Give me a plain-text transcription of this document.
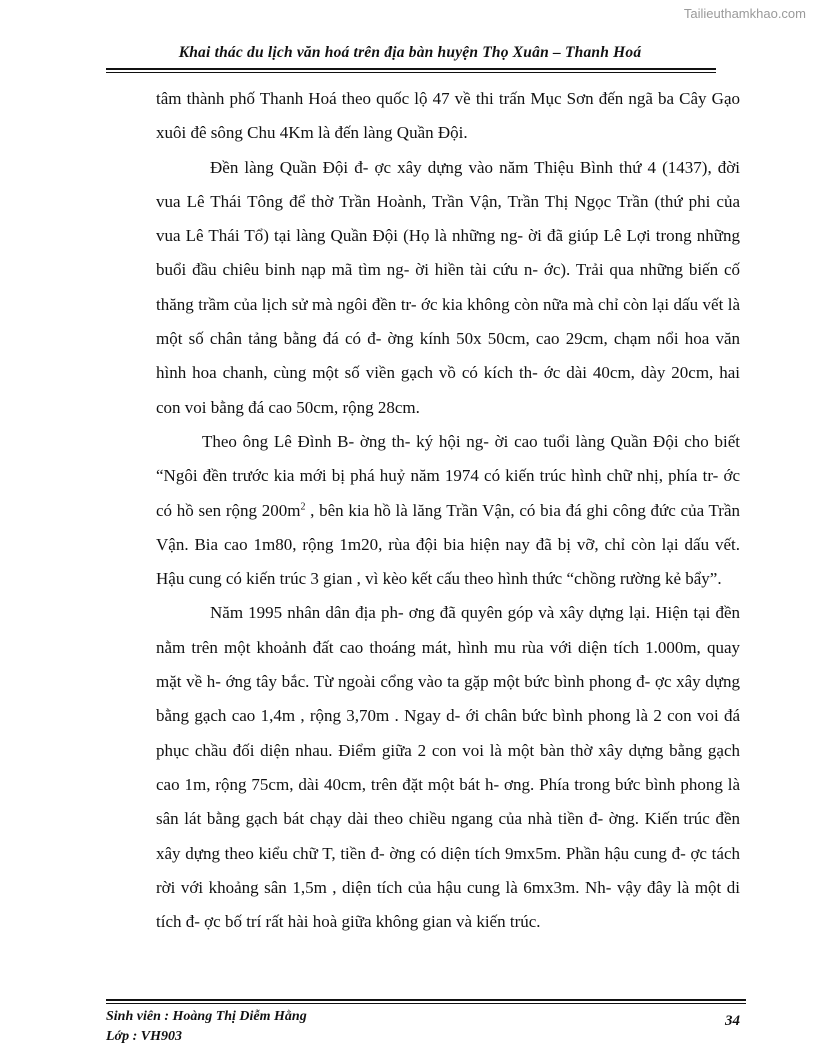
Tailieuthamkhao.com
Khai thác du lịch văn hoá trên địa bàn huyện Thọ Xuân – Thanh Hoá

tâm thành phố Thanh Hoá theo quốc lộ 47 về thi trấn Mục Sơn đến ngã ba Cây Gạo xuôi đê sông Chu 4Km là đến làng Quần Đội.

Đền làng Quần Đội đ- ợc xây dựng vào năm Thiệu Bình thứ 4 (1437), đời vua Lê Thái Tông để thờ Trần Hoành, Trần Vận, Trần Thị Ngọc Trần (thứ phi của vua Lê Thái Tổ) tại làng Quần Đội (Họ là những ng- ời đã giúp Lê Lợi trong những buổi đầu chiêu binh nạp mã tìm ng- ời hiền tài cứu n- ớc). Trải qua những biến cố thăng trầm của lịch sử mà ngôi đền tr- ớc kia không còn nữa mà chỉ còn lại dấu vết là một số chân tảng bằng đá có đ- ờng kính 50x 50cm, cao 29cm, chạm nổi hoa văn hình hoa chanh, cùng một số viền gạch vồ có kích th- ớc dài 40cm, dày 20cm, hai con voi bằng đá cao 50cm, rộng 28cm.

Theo ông Lê Đình B- ờng th- ký hội ng- ời cao tuổi làng Quần Đội cho biết “Ngôi đền trước kia mới bị phá huỷ năm 1974 có kiến trúc hình chữ nhị, phía tr- ớc có hồ sen rộng $200m^2$ , bên kia hồ là lăng Trần Vận, có bia đá ghi công đức của Trần Vận. Bia cao 1m80, rộng 1m20, rùa đội bia hiện nay đã bị vỡ, chỉ còn lại dấu vết. Hậu cung có kiến trúc 3 gian , vì kèo kết cấu theo hình thức “chồng rường kẻ bẩy”.

Năm 1995 nhân dân địa ph- ơng đã quyên góp và xây dựng lại. Hiện tại đền nằm trên một khoảnh đất cao thoáng mát, hình mu rùa với diện tích 1.000m, quay mặt về h- ớng tây bắc. Từ ngoài cổng vào ta gặp một bức bình phong đ- ợc xây dựng bằng gạch cao 1,4m , rộng 3,70m . Ngay d- ới chân bức bình phong là 2 con voi đá phục chầu đối diện nhau. Điểm giữa 2 con voi là một bàn thờ xây dựng bằng gạch cao 1m, rộng 75cm, dài 40cm, trên đặt một bát h- ơng. Phía trong bức bình phong là sân lát bằng gạch bát chạy dài theo chiều ngang của nhà tiền đ- ờng. Kiến trúc đền xây dựng theo kiểu chữ T, tiền đ- ờng có diện tích 9mx5m. Phần hậu cung đ- ợc tách rời với khoảng sân 1,5m , diện tích của hậu cung là 6mx3m. Nh- vậy đây là một di tích đ- ợc bố trí rất hài hoà giữa không gian và kiến trúc.

Sinh viên : Hoàng Thị Diễm Hằng
Lớp : VH903
34
